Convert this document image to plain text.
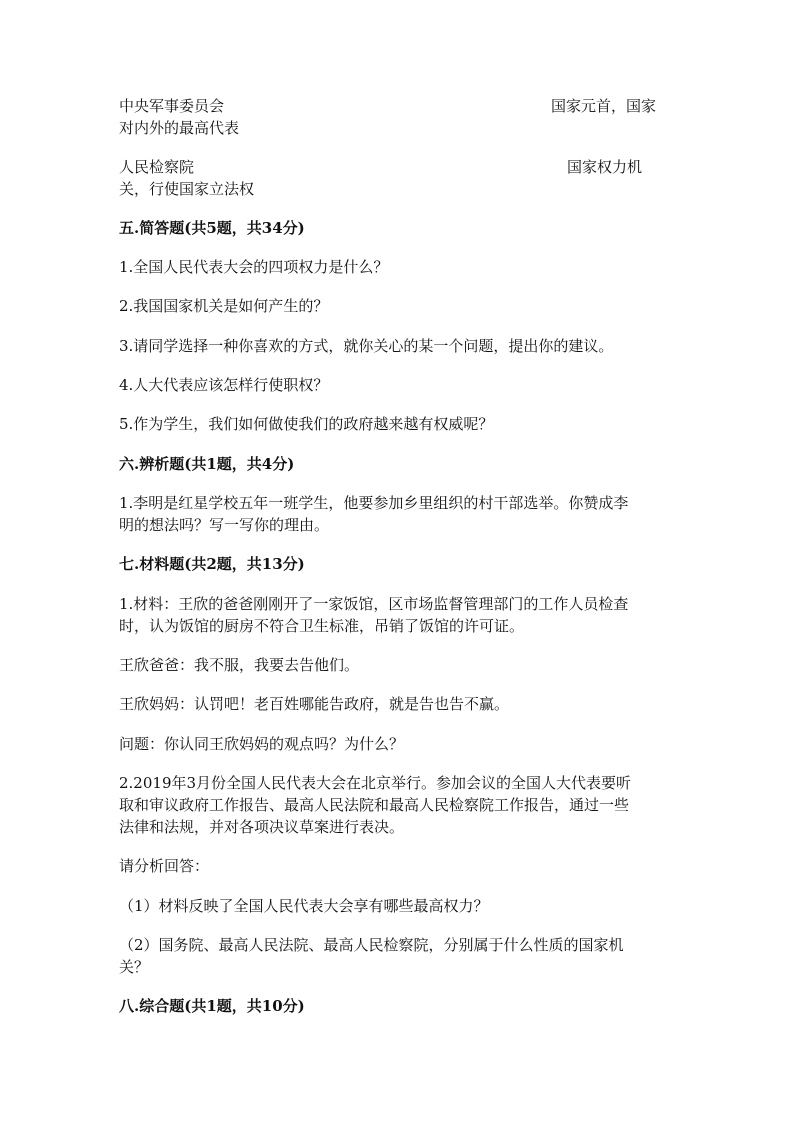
中央军事委员会	国家元首，国家
对内外的最高代表
人民检察院	国家权力机
关，行使国家立法权
五.简答题(共5题，共34分)
1.全国人民代表大会的四项权力是什么？
2.我国国家机关是如何产生的？
3.请同学选择一种你喜欢的方式，就你关心的某一个问题，提出你的建议。
4.人大代表应该怎样行使职权？
5.作为学生，我们如何做使我们的政府越来越有权威呢？
六.辨析题(共1题，共4分)
1.李明是红星学校五年一班学生，他要参加乡里组织的村干部选举。你赞成李
明的想法吗？写一写你的理由。
七.材料题(共2题，共13分)
1.材料：王欣的爸爸刚刚开了一家饭馆，区市场监督管理部门的工作人员检查
时，认为饭馆的厨房不符合卫生标准，吊销了饭馆的许可证。
王欣爸爸：我不服，我要去告他们。
王欣妈妈：认罚吧！老百姓哪能告政府，就是告也告不赢。
问题：你认同王欣妈妈的观点吗？为什么？
2.2019年3月份全国人民代表大会在北京举行。参加会议的全国人大代表要听
取和审议政府工作报告、最高人民法院和最高人民检察院工作报告，通过一些
法律和法规，并对各项决议草案进行表决。
请分析回答：
（1）材料反映了全国人民代表大会享有哪些最高权力？
（2）国务院、最高人民法院、最高人民检察院，分别属于什么性质的国家机
关？
八.综合题(共1题，共10分)
